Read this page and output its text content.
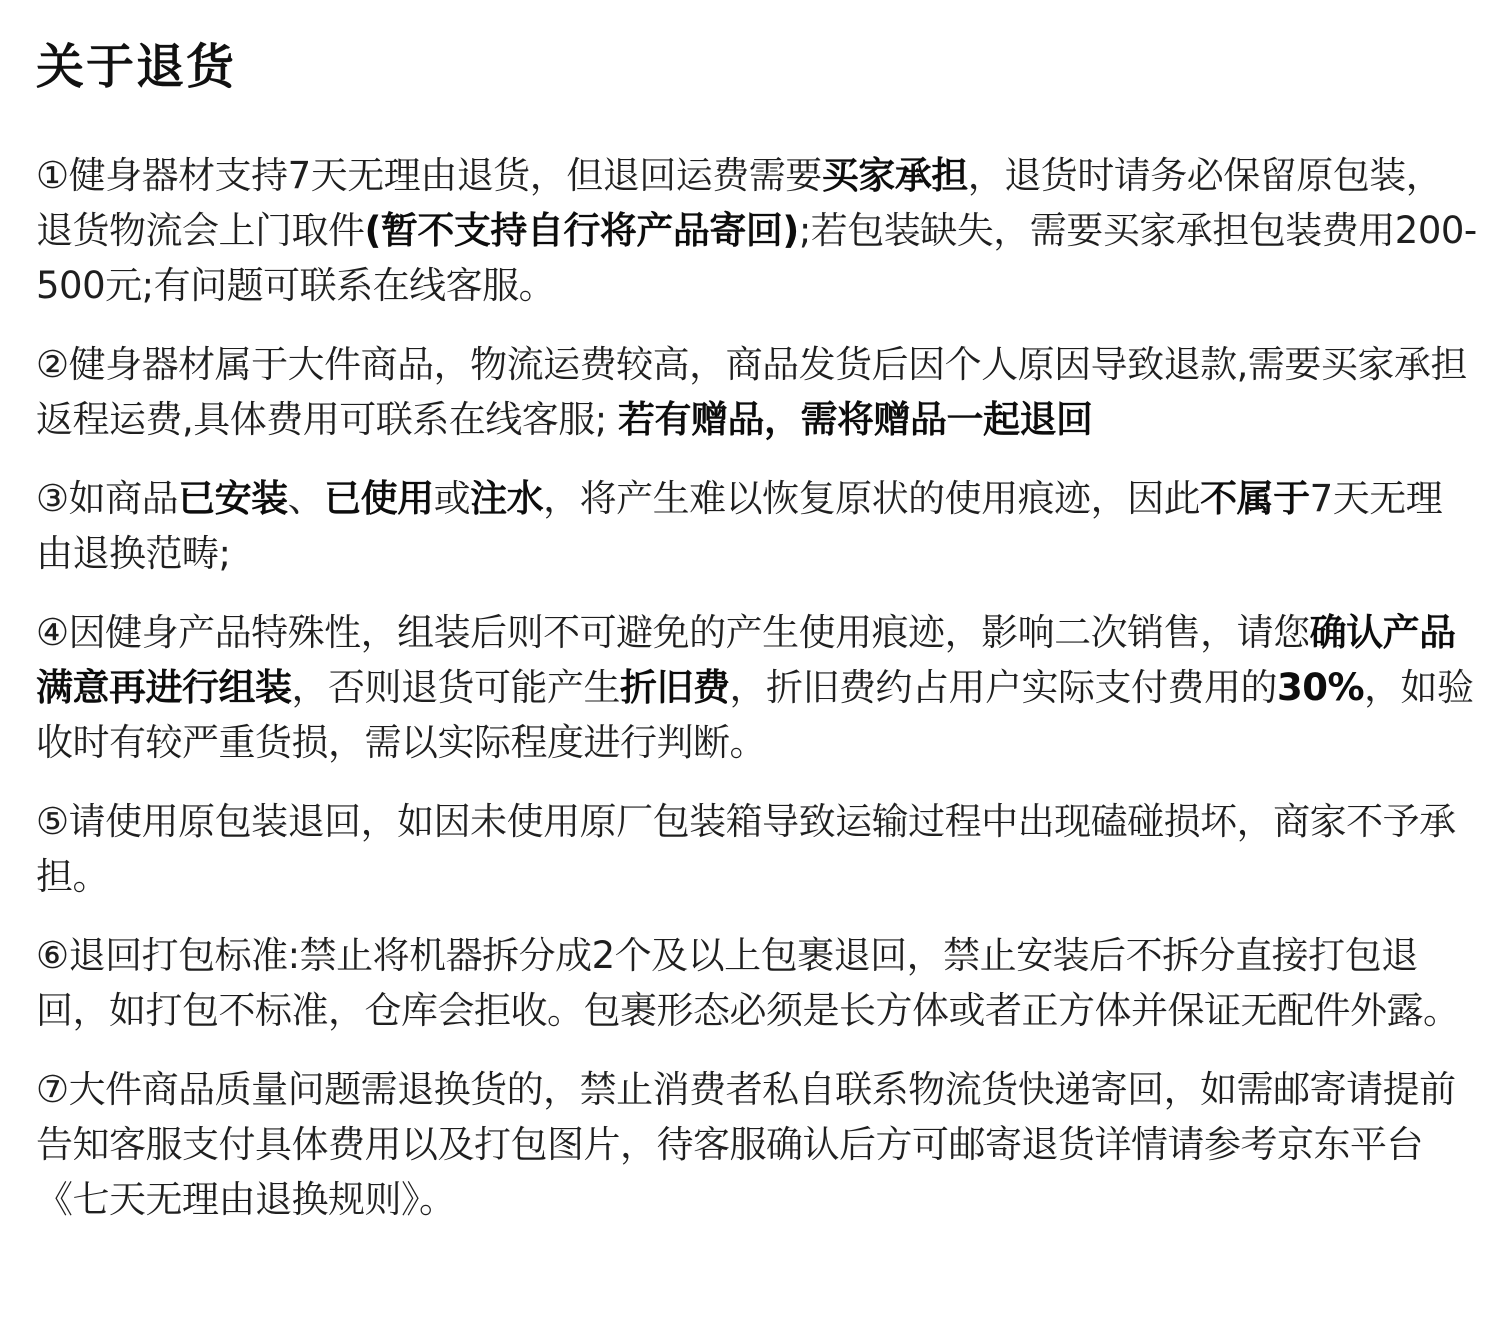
关于退货

①健身器材支持7天无理由退货，但退回运费需要买家承担，退货时请务必保留原包装，退货物流会上门取件(暂不支持自行将产品寄回);若包装缺失，需要买家承担包装费用200-500元;有问题可联系在线客服。

②健身器材属于大件商品，物流运费较高，商品发货后因个人原因导致退款,需要买家承担返程运费,具体费用可联系在线客服; 若有赠品，需将赠品一起退回

③如商品已安装、已使用或注水，将产生难以恢复原状的使用痕迹，因此不属于7天无理由退换范畴;

④因健身产品特殊性，组装后则不可避免的产生使用痕迹，影响二次销售，请您确认产品满意再进行组装，否则退货可能产生折旧费，折旧费约占用户实际支付费用的30%，如验收时有较严重货损，需以实际程度进行判断。

⑤请使用原包装退回，如因未使用原厂包装箱导致运输过程中出现磕碰损坏，商家不予承担。

⑥退回打包标准:禁止将机器拆分成2个及以上包裹退回，禁止安装后不拆分直接打包退回，如打包不标准，仓库会拒收。包裹形态必须是长方体或者正方体并保证无配件外露。

⑦大件商品质量问题需退换货的，禁止消费者私自联系物流货快递寄回，如需邮寄请提前告知客服支付具体费用以及打包图片，待客服确认后方可邮寄退货详情请参考京东平台《七天无理由退换规则》。
